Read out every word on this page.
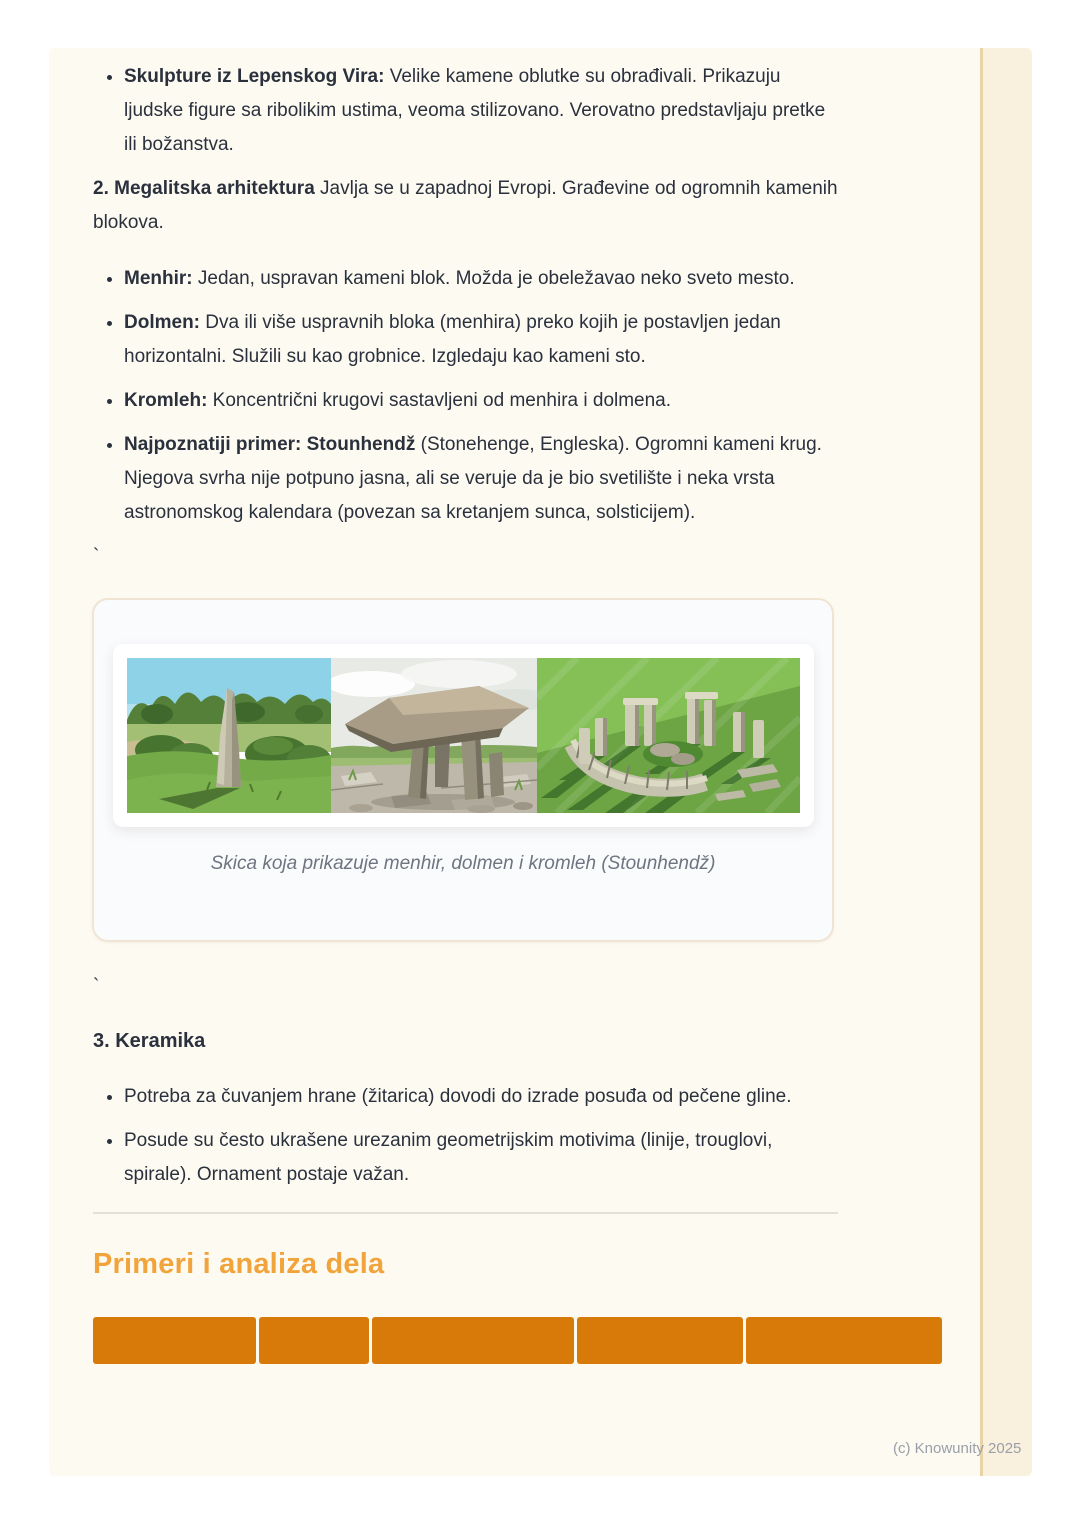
• Skulpture iz Lepenskog Vira: Velike kamene oblutke su obrađivali. Prikazuju ljudske figure sa ribolikim ustima, veoma stilizovano. Verovatno predstavljaju pretke ili božanstva.

2. Megalitska arhitektura Javlja se u zapadnoj Evropi. Građevine od ogromnih kamenih blokova.

• Menhir: Jedan, uspravan kameni blok. Možda je obeležavao neko sveto mesto.
• Dolmen: Dva ili više uspravnih bloka (menhira) preko kojih je postavljen jedan horizontalni. Služili su kao grobnice. Izgledaju kao kameni sto.
• Kromleh: Koncentrični krugovi sastavljeni od menhira i dolmena.
• Najpoznatiji primer: Stounhendž (Stonehenge, Engleska). Ogromni kameni krug. Njegova svrha nije potpuno jasna, ali se veruje da je bio svetilište i neka vrsta astronomskog kalendara (povezan sa kretanjem sunca, solsticijem).

`

Skica koja prikazuje menhir, dolmen i kromleh (Stounhendž)

`

3. Keramika
• Potreba za čuvanjem hrane (žitarica) dovodi do izrade posuđa od pečene gline.
• Posude su često ukrašene urezanim geometrijskim motivima (linije, trouglovi, spirale). Ornament postaje važan.
Primeri i analiza dela
(c) Knowunity 2025
